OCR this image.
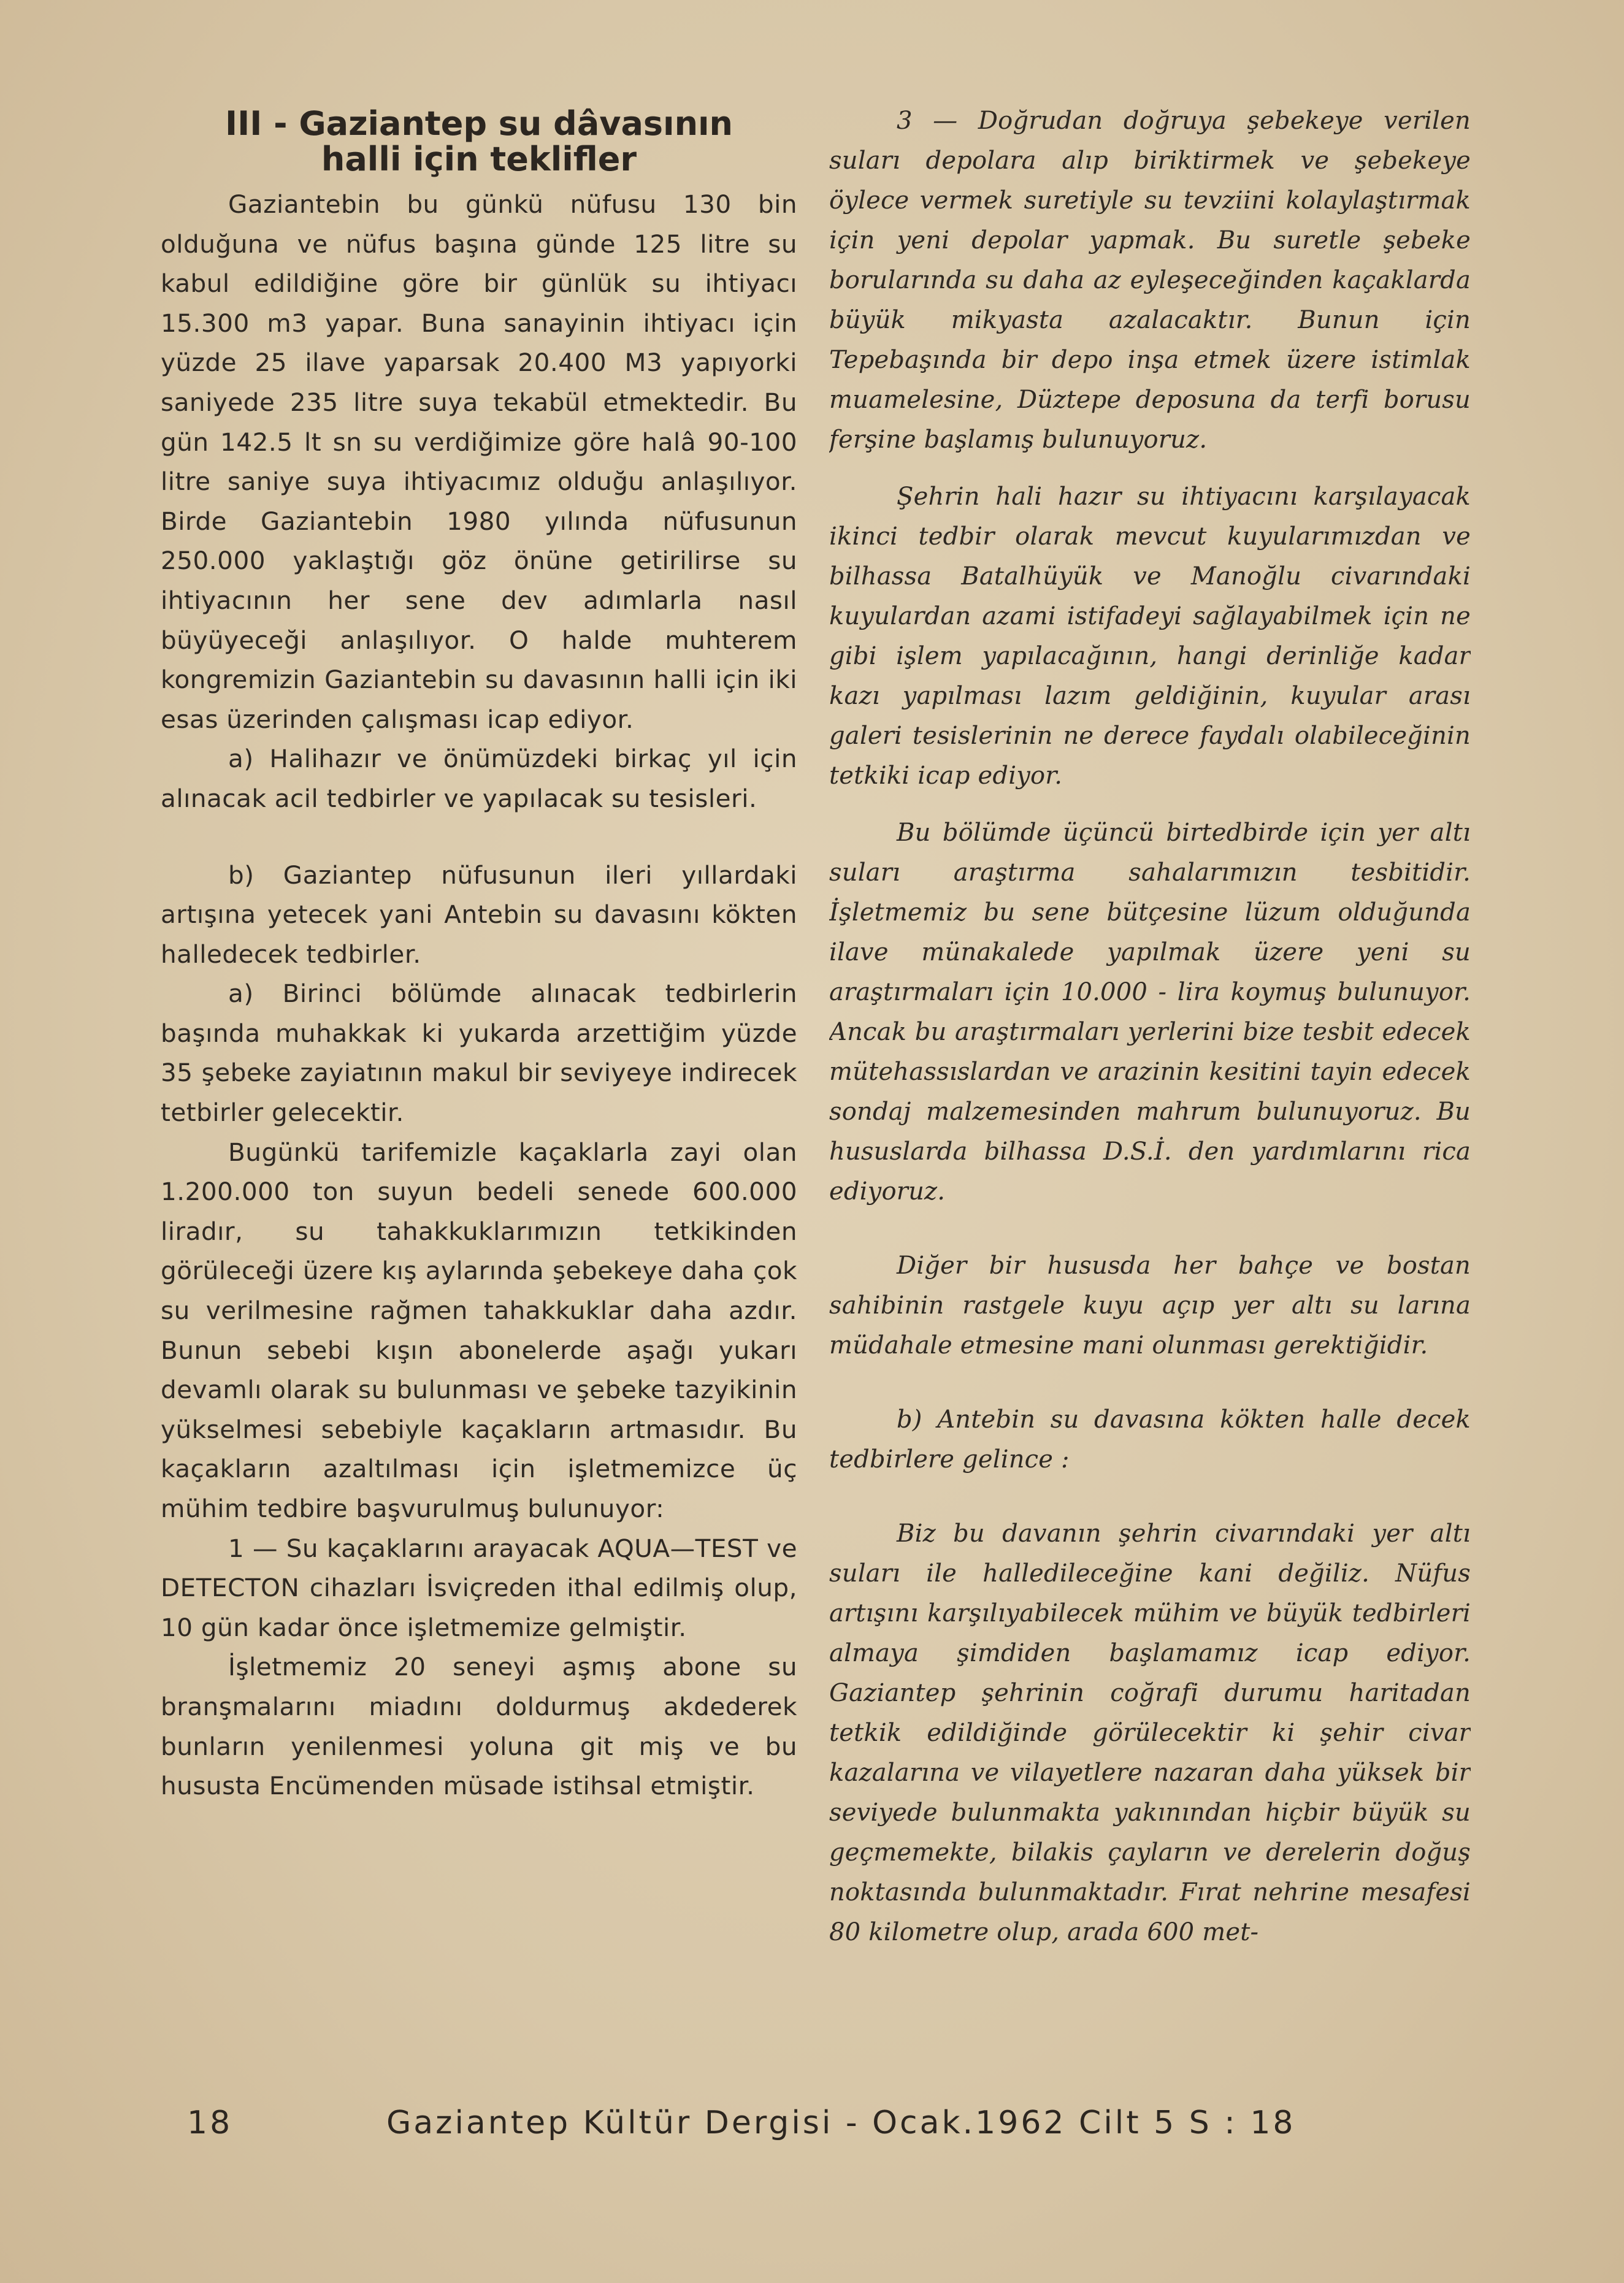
III - Gaziantep su dâvasının
halli için teklifler

Gaziantebin bu günkü nüfusu 130 bin olduğuna ve nüfus başına günde 125 litre su kabul edildiğine göre bir günlük su ihtiyacı 15.300 m3 yapar. Buna sanayinin ihtiyacı için yüzde 25 ilave yaparsak 20.400 M3 yapıyorki saniyede 235 litre suya tekabül etmektedir. Bu gün 142.5 lt sn su verdiğimize göre halâ 90-100 litre saniye suya ihtiyacımız olduğu anlaşılıyor. Birde Gaziantebin 1980 yılında nüfusunun 250.000 yaklaştığı göz önüne getirilirse su ihtiyacının her sene dev adımlarla nasıl büyüyeceği anlaşılıyor. O halde muhterem kongremizin Gaziantebin su davasının halli için iki esas üzerinden çalışması icap ediyor.

a) Halihazır ve önümüzdeki birkaç yıl için alınacak acil tedbirler ve yapılacak su tesisleri.

b) Gaziantep nüfusunun ileri yıllardaki artışına yetecek yani Antebin su davasını kökten halledecek tedbirler.

a) Birinci bölümde alınacak tedbirlerin başında muhakkak ki yukarda arzettiğim yüzde 35 şebeke zayiatının makul bir seviyeye indirecek tetbirler gelecektir.

Bugünkü tarifemizle kaçaklarla zayi olan 1.200.000 ton suyun bedeli senede 600.000 liradır, su tahakkuklarımızın tetkikinden görüleceği üzere kış aylarında şebekeye daha çok su verilmesine rağmen tahakkuklar daha azdır. Bunun sebebi kışın abonelerde aşağı yukarı devamlı olarak su bulunması ve şebeke tazyikinin yükselmesi sebebiyle kaçakların artmasıdır. Bu kaçakların azaltılması için işletmemizce üç mühim tedbire başvurulmuş bulunuyor:

1 — Su kaçaklarını arayacak AQUA—TEST ve DETECTON cihazları İsviçreden ithal edilmiş olup, 10 gün kadar önce işletmemize gelmiştir.

İşletmemiz 20 seneyi aşmış abone su branşmalarını miadını doldurmuş akdederek bunların yenilenmesi yoluna git miş ve bu hususta Encümenden müsade istihsal etmiştir.

3 — Doğrudan doğruya şebekeye verilen suları depolara alıp biriktirmek ve şebekeye öylece vermek suretiyle su tevziini kolaylaştırmak için yeni depolar yapmak. Bu suretle şebeke borularında su daha az eyleşeceğinden kaçaklarda büyük mikyasta azalacaktır. Bunun için Tepebaşında bir depo inşa etmek üzere istimlak muamelesine, Düztepe deposuna da terfi borusu ferşine başlamış bulunuyoruz.

Şehrin hali hazır su ihtiyacını karşılayacak ikinci tedbir olarak mevcut kuyularımızdan ve bilhassa Batalhüyük ve Manoğlu civarındaki kuyulardan azami istifadeyi sağlayabilmek için ne gibi işlem yapılacağının, hangi derinliğe kadar kazı yapılması lazım geldiğinin, kuyular arası galeri tesislerinin ne derece faydalı olabileceğinin tetkiki icap ediyor.

Bu bölümde üçüncü birtedbirde için yer altı suları araştırma sahalarımızın tesbitidir. İşletmemiz bu sene bütçesine lüzum olduğunda ilave münakalede yapılmak üzere yeni su araştırmaları için 10.000 - lira koymuş bulunuyor. Ancak bu araştırmaları yerlerini bize tesbit edecek mütehassıslardan ve arazinin kesitini tayin edecek sondaj malzemesinden mahrum bulunuyoruz. Bu hususlarda bilhassa D.S.İ. den yardımlarını rica ediyoruz.

Diğer bir hususda her bahçe ve bostan sahibinin rastgele kuyu açıp yer altı su larına müdahale etmesine mani olunması gerektiğidir.

b) Antebin su davasına kökten halle decek tedbirlere gelince :

Biz bu davanın şehrin civarındaki yer altı suları ile halledileceğine kani değiliz. Nüfus artışını karşılıyabilecek mühim ve büyük tedbirleri almaya şimdiden başlamamız icap ediyor. Gaziantep şehrinin coğrafi durumu haritadan tetkik edildiğinde görülecektir ki şehir civar kazalarına ve vilayetlere nazaran daha yüksek bir seviyede bulunmakta yakınından hiçbir büyük su geçmemekte, bilakis çayların ve derelerin doğuş noktasında bulunmaktadır. Fırat nehrine mesafesi 80 kilometre olup, arada 600 met-

18	Gaziantep Kültür Dergisi - Ocak.1962 Cilt 5 S : 18
